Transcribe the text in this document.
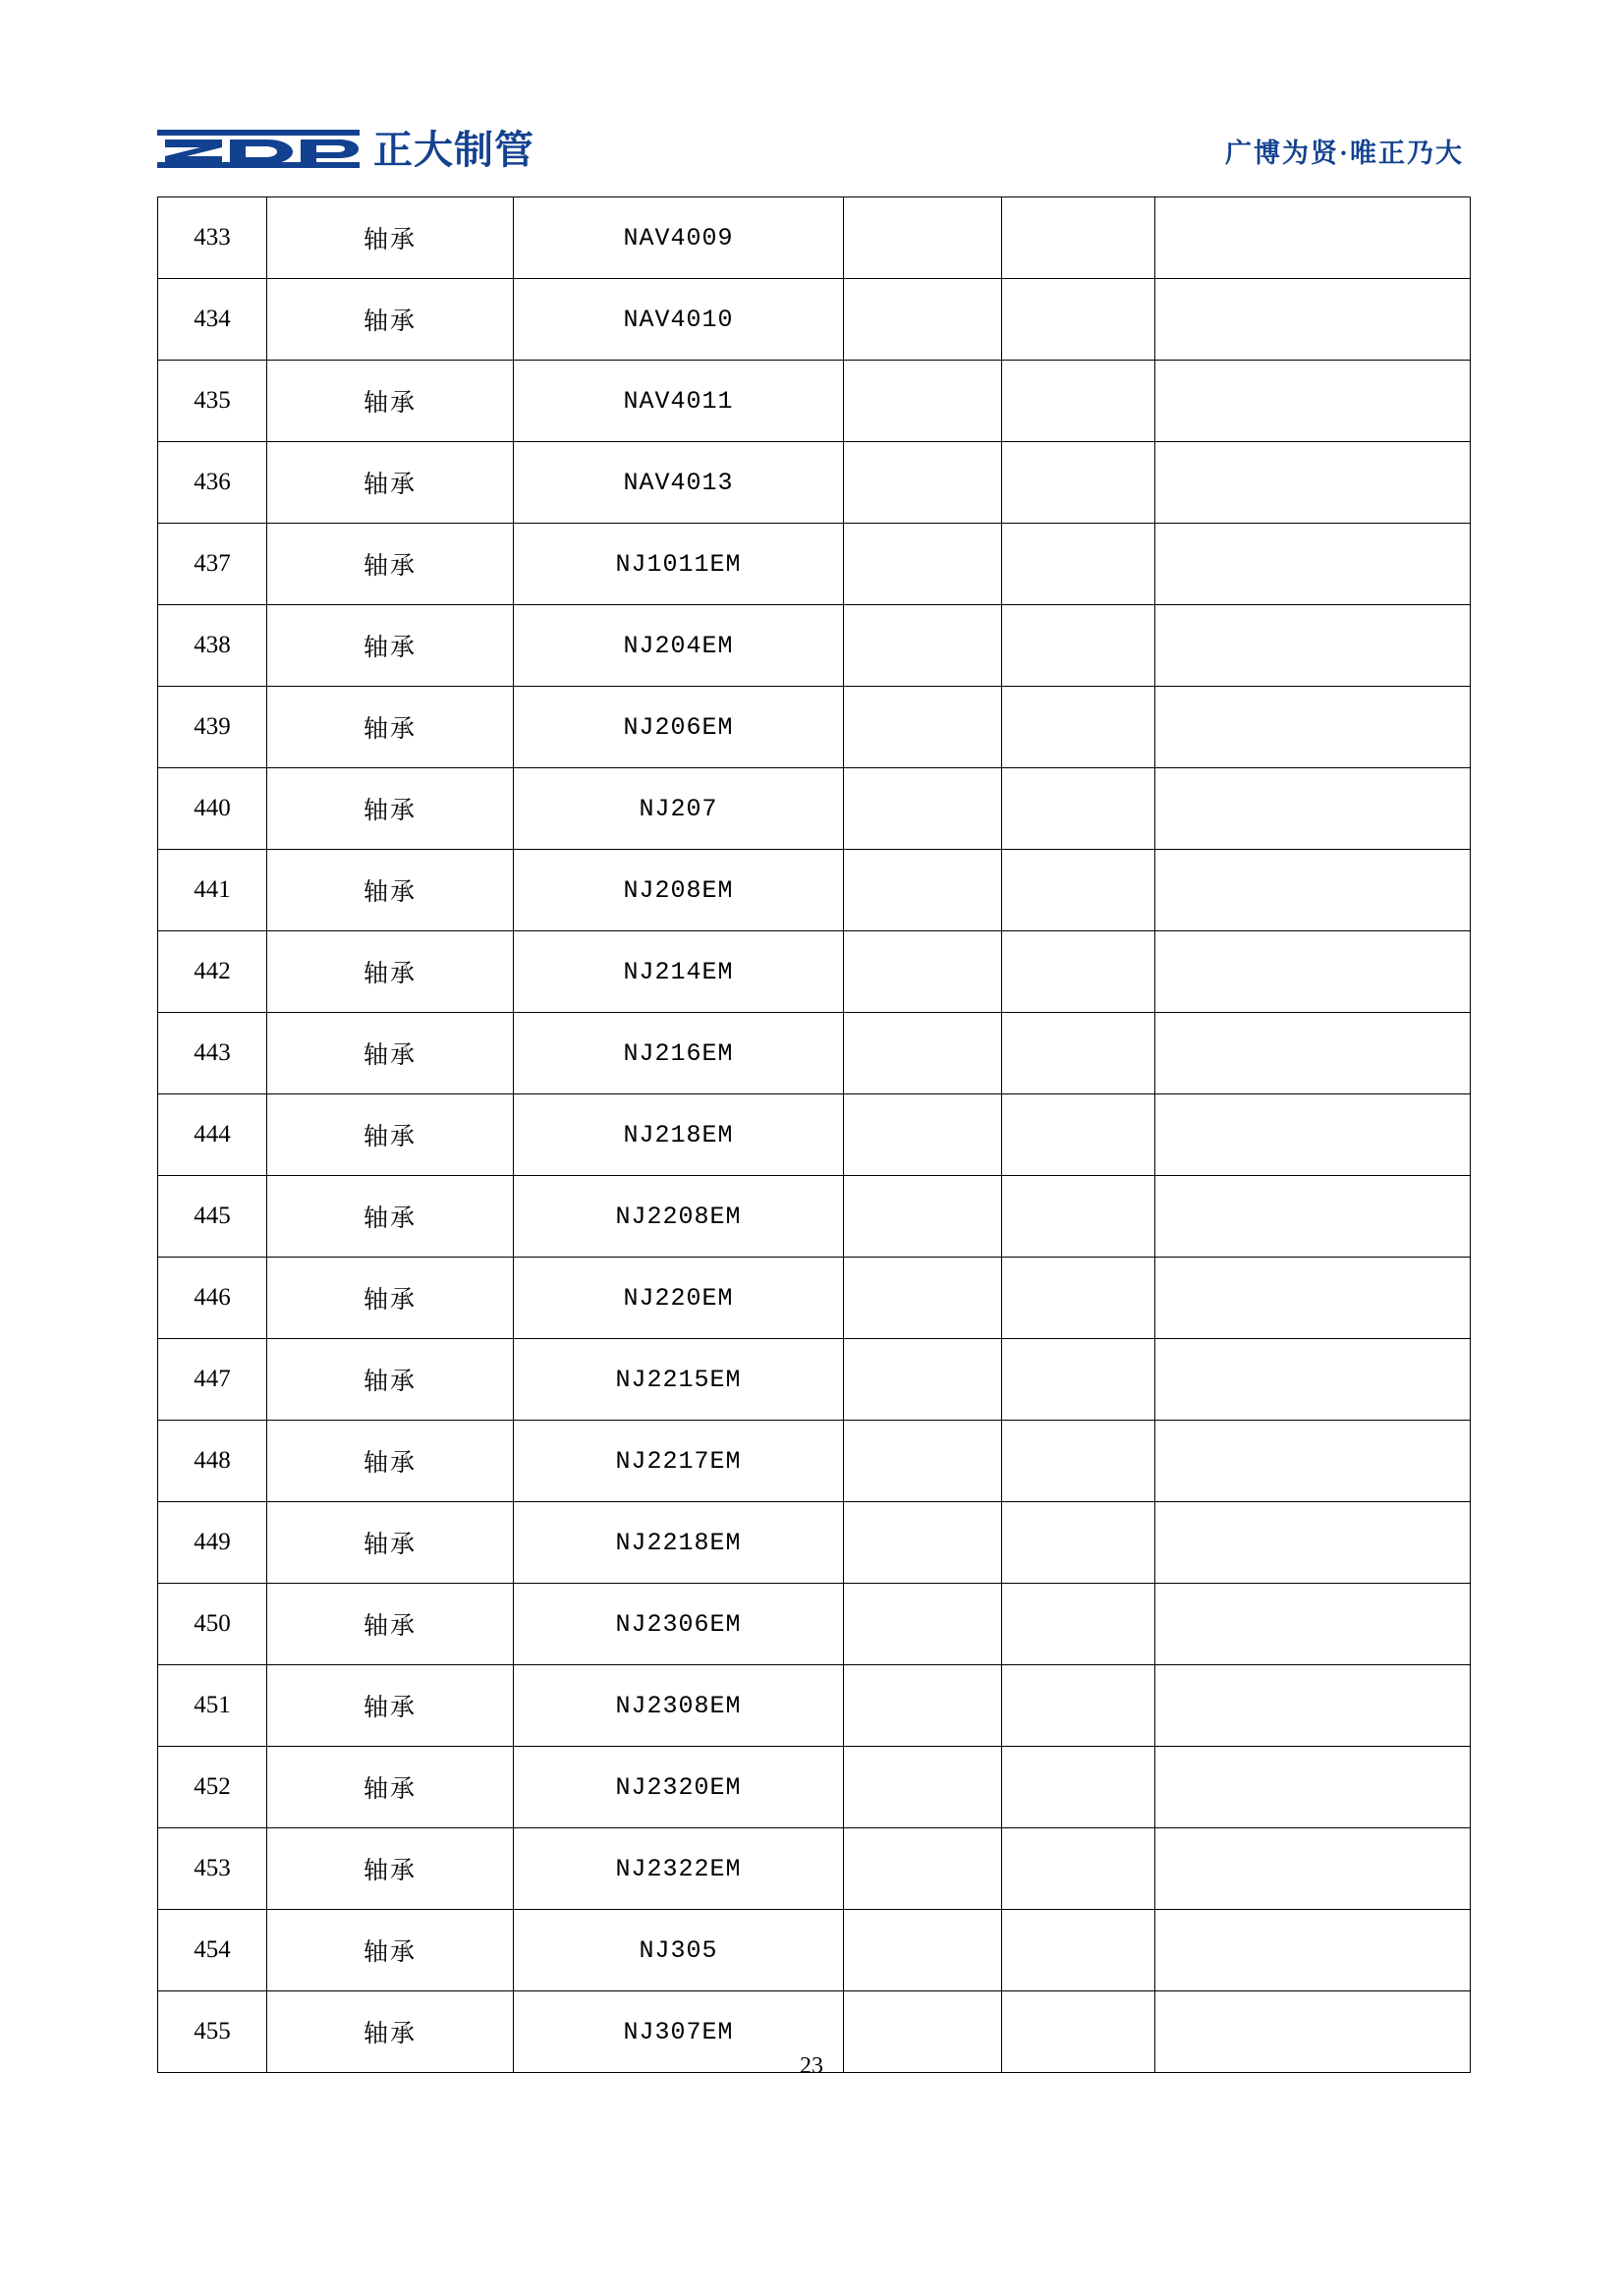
正大制管	广博为贤·唯正乃大
433	轴承	NAV4009			
434	轴承	NAV4010			
435	轴承	NAV4011			
436	轴承	NAV4013			
437	轴承	NJ1011EM			
438	轴承	NJ204EM			
439	轴承	NJ206EM			
440	轴承	NJ207			
441	轴承	NJ208EM			
442	轴承	NJ214EM			
443	轴承	NJ216EM			
444	轴承	NJ218EM			
445	轴承	NJ2208EM			
446	轴承	NJ220EM			
447	轴承	NJ2215EM			
448	轴承	NJ2217EM			
449	轴承	NJ2218EM			
450	轴承	NJ2306EM			
451	轴承	NJ2308EM			
452	轴承	NJ2320EM			
453	轴承	NJ2322EM			
454	轴承	NJ305			
455	轴承	NJ307EM			
23
